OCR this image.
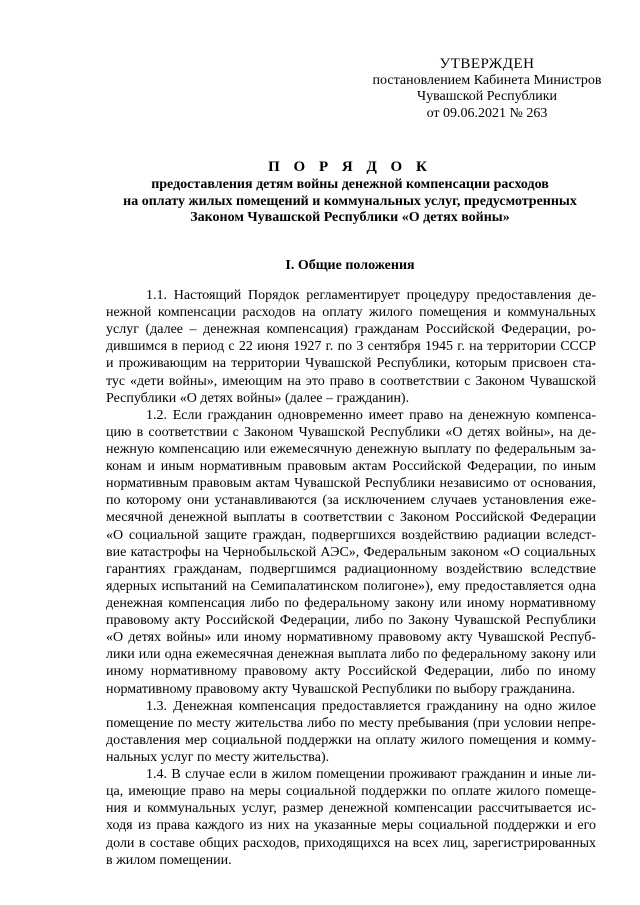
УТВЕРЖДЕН
постановлением Кабинета Министров
Чувашской Республики
от 09.06.2021 № 263
П О Р Я Д О К
предоставления детям войны денежной компенсации расходов
на оплату жилых помещений и коммунальных услуг, предусмотренных
Законом Чувашской Республики «О детях войны»
I. Общие положения
1.1. Настоящий Порядок регламентирует процедуру предоставления де-
нежной компенсации расходов на оплату жилого помещения и коммунальных
услуг (далее – денежная компенсация) гражданам Российской Федерации, ро-
дившимся в период с 22 июня 1927 г. по 3 сентября 1945 г. на территории СССР
и проживающим на территории Чувашской Республики, которым присвоен ста-
тус «дети войны», имеющим на это право в соответствии с Законом Чувашской
Республики «О детях войны» (далее – гражданин).
1.2. Если гражданин одновременно имеет право на денежную компенса-
цию в соответствии с Законом Чувашской Республики «О детях войны», на де-
нежную компенсацию или ежемесячную денежную выплату по федеральным за-
конам и иным нормативным правовым актам Российской Федерации, по иным
нормативным правовым актам Чувашской Республики независимо от основания,
по которому они устанавливаются (за исключением случаев установления еже-
месячной денежной выплаты в соответствии с Законом Российской Федерации
«О социальной защите граждан, подвергшихся воздействию радиации вследст-
вие катастрофы на Чернобыльской АЭС», Федеральным законом «О социальных
гарантиях гражданам, подвергшимся радиационному воздействию вследствие
ядерных испытаний на Семипалатинском полигоне»), ему предоставляется одна
денежная компенсация либо по федеральному закону или иному нормативному
правовому акту Российской Федерации, либо по Закону Чувашской Республики
«О детях войны» или иному нормативному правовому акту Чувашской Респуб-
лики или одна ежемесячная денежная выплата либо по федеральному закону или
иному нормативному правовому акту Российской Федерации, либо по иному
нормативному правовому акту Чувашской Республики по выбору гражданина.
1.3. Денежная компенсация предоставляется гражданину на одно жилое
помещение по месту жительства либо по месту пребывания (при условии непре-
доставления мер социальной поддержки на оплату жилого помещения и комму-
нальных услуг по месту жительства).
1.4. В случае если в жилом помещении проживают гражданин и иные ли-
ца, имеющие право на меры социальной поддержки по оплате жилого помеще-
ния и коммунальных услуг, размер денежной компенсации рассчитывается ис-
ходя из права каждого из них на указанные меры социальной поддержки и его
доли в составе общих расходов, приходящихся на всех лиц, зарегистрированных
в жилом помещении.
